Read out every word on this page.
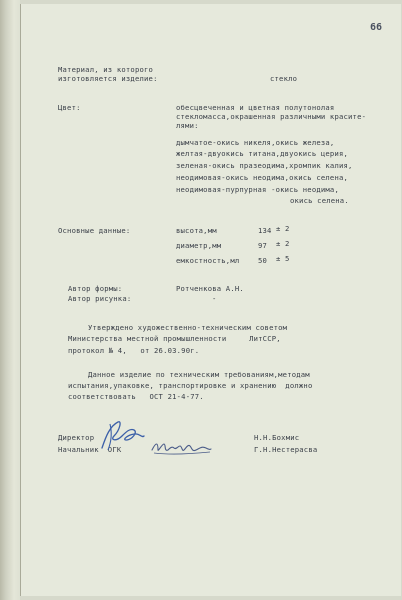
66
Материал, из которого
изготовляется изделие:	стекло
Цвет:	обесцвеченная и цветная полутонолая
стекломасса,окрашенная различными красите-
лями:
дымчатое-окись никеля,окись железа,
желтая-двуокись титана,двуокись церия,
зеленая-окись празеодима,хромпик калия,
неодимовая-окись неодима,окись селена,
неодимовая-пурпурная -окись неодима,
окись селена.
Основные данные:	высота,мм	134 ± 2
диаметр,мм	97 ± 2
емкостность,мл	50 ± 5
Автор формы:	Ротченкова А.Н.
Автор рисунка:	-
Утверждено художественно-техническим советом
Министерства местной промышленности     ЛитССР,
протокол № 4,   от 26.03.90г.
Данное изделие по техническим требованиям,методам
испытания,упаковке, транспортировке и хранению  должно
соответствовать   ОСТ 21-4-77.
Директор	Н.Н.Бохмис
Начальник  ОГК	Г.Н.Нестерасва
